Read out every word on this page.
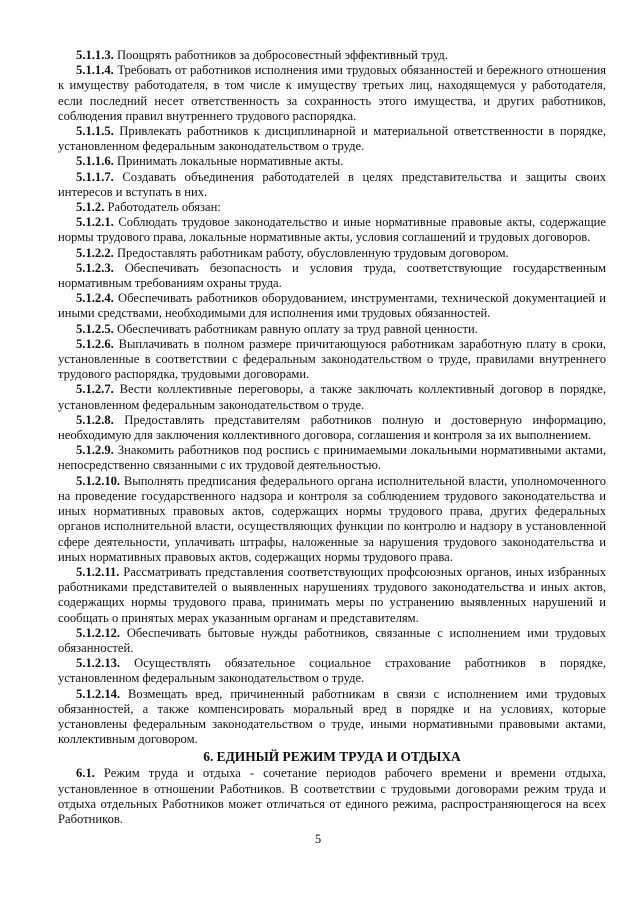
5.1.1.3. Поощрять работников за добросовестный эффективный труд.

5.1.1.4. Требовать от работников исполнения ими трудовых обязанностей и бережного отношения к имуществу работодателя, в том числе к имуществу третьих лиц, находящемуся у работодателя, если последний несет ответственность за сохранность этого имущества, и других работников, соблюдения правил внутреннего трудового распорядка.

5.1.1.5. Привлекать работников к дисциплинарной и материальной ответственности в порядке, установленном федеральным законодательством о труде.

5.1.1.6. Принимать локальные нормативные акты.

5.1.1.7. Создавать объединения работодателей в целях представительства и защиты своих интересов и вступать в них.

5.1.2. Работодатель обязан:

5.1.2.1. Соблюдать трудовое законодательство и иные нормативные правовые акты, содержащие нормы трудового права, локальные нормативные акты, условия соглашений и трудовых договоров.

5.1.2.2. Предоставлять работникам работу, обусловленную трудовым договором.

5.1.2.3. Обеспечивать безопасность и условия труда, соответствующие государственным нормативным требованиям охраны труда.

5.1.2.4. Обеспечивать работников оборудованием, инструментами, технической документацией и иными средствами, необходимыми для исполнения ими трудовых обязанностей.

5.1.2.5. Обеспечивать работникам равную оплату за труд равной ценности.

5.1.2.6. Выплачивать в полном размере причитающуюся работникам заработную плату в сроки, установленные в соответствии с федеральным законодательством о труде, правилами внутреннего трудового распорядка, трудовыми договорами.

5.1.2.7. Вести коллективные переговоры, а также заключать коллективный договор в порядке, установленном федеральным законодательством о труде.

5.1.2.8. Предоставлять представителям работников полную и достоверную информацию, необходимую для заключения коллективного договора, соглашения и контроля за их выполнением.

5.1.2.9. Знакомить работников под роспись с принимаемыми локальными нормативными актами, непосредственно связанными с их трудовой деятельностью.

5.1.2.10. Выполнять предписания федерального органа исполнительной власти, уполномоченного на проведение государственного надзора и контроля за соблюдением трудового законодательства и иных нормативных правовых актов, содержащих нормы трудового права, других федеральных органов исполнительной власти, осуществляющих функции по контролю и надзору в установленной сфере деятельности, уплачивать штрафы, наложенные за нарушения трудового законодательства и иных нормативных правовых актов, содержащих нормы трудового права.

5.1.2.11. Рассматривать представления соответствующих профсоюзных органов, иных избранных работниками представителей о выявленных нарушениях трудового законодательства и иных актов, содержащих нормы трудового права, принимать меры по устранению выявленных нарушений и сообщать о принятых мерах указанным органам и представителям.

5.1.2.12. Обеспечивать бытовые нужды работников, связанные с исполнением ими трудовых обязанностей.

5.1.2.13. Осуществлять обязательное социальное страхование работников в порядке, установленном федеральным законодательством о труде.

5.1.2.14. Возмещать вред, причиненный работникам в связи с исполнением ими трудовых обязанностей, а также компенсировать моральный вред в порядке и на условиях, которые установлены федеральным законодательством о труде, иными нормативными правовыми актами, коллективным договором.

6. ЕДИНЫЙ РЕЖИМ ТРУДА И ОТДЫХА

6.1. Режим труда и отдыха - сочетание периодов рабочего времени и времени отдыха, установленное в отношении Работников. В соответствии с трудовыми договорами режим труда и отдыха отдельных Работников может отличаться от единого режима, распространяющегося на всех Работников.

5
